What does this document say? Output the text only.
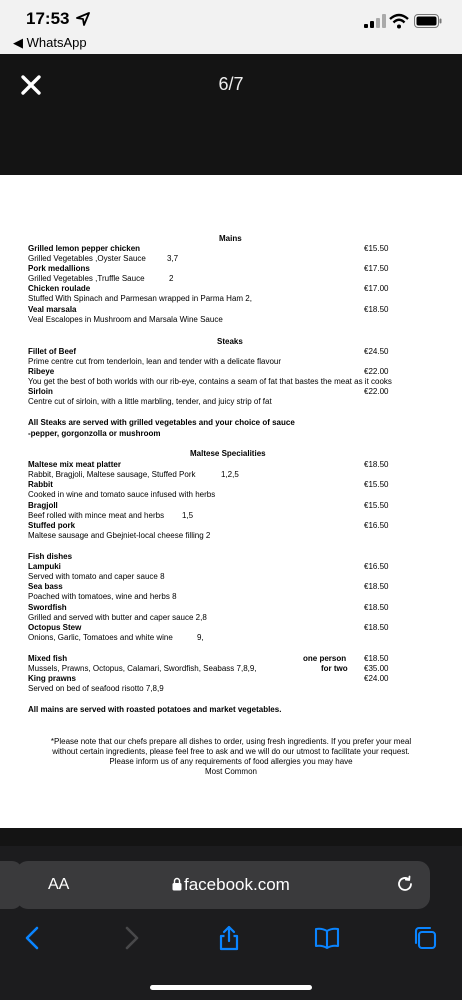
17:53
◀ WhatsApp
6/7
Mains
Grilled lemon pepper chicken	€15.50
Grilled Vegetables ,Oyster Sauce	3,7
Pork medallions	€17.50
Grilled Vegetables ,Truffle Sauce	2
Chicken roulade	€17.00
Stuffed With Spinach and Parmesan wrapped in Parma Ham 2,
Veal marsala	€18.50
Veal Escalopes in Mushroom and Marsala Wine Sauce
Steaks
Fillet of Beef	€24.50
Prime centre cut from tenderloin, lean and tender with a delicate flavour
Ribeye	€22.00
You get the best of both worlds with our rib-eye, contains a seam of fat that bastes the meat as it cooks
Sirloin	€22.00
Centre cut of sirloin, with a little marbling, tender, and juicy strip of fat
All Steaks are served with grilled vegetables and your choice of sauce
-pepper, gorgonzolla or mushroom
Maltese Specialities
Maltese mix meat platter	€18.50
Rabbit, Bragjoli, Maltese sausage, Stuffed Pork	1,2,5
Rabbit	€15.50
Cooked in wine and tomato sauce infused with herbs
Bragjoll	€15.50
Beef rolled with mince meat and herbs 1,5
Stuffed pork	€16.50
Maltese sausage and Gbejniet-local cheese filling 2
Fish dishes
Lampuki	€16.50
Served with tomato and caper sauce 8
Sea bass	€18.50
Poached with tomatoes, wine and herbs 8
Swordfish	€18.50
Grilled and served with butter and caper sauce 2,8
Octopus Stew	€18.50
Onions, Garlic, Tomatoes and white wine	9,
Mixed fish	one person €18.50
Mussels, Prawns, Octopus, Calamari, Swordfish, Seabass 7,8,9,	for two €35.00
King prawns	€24.00
Served on bed of seafood risotto 7,8,9
All mains are served with roasted potatoes and market vegetables.
*Please note that our chefs prepare all dishes to order, using fresh ingredients. If you prefer your meal
without certain ingredients, please feel free to ask and we will do our utmost to facilitate your request.
Please inform us of any requirements of food allergies you may have
Most Common
AA	facebook.com
